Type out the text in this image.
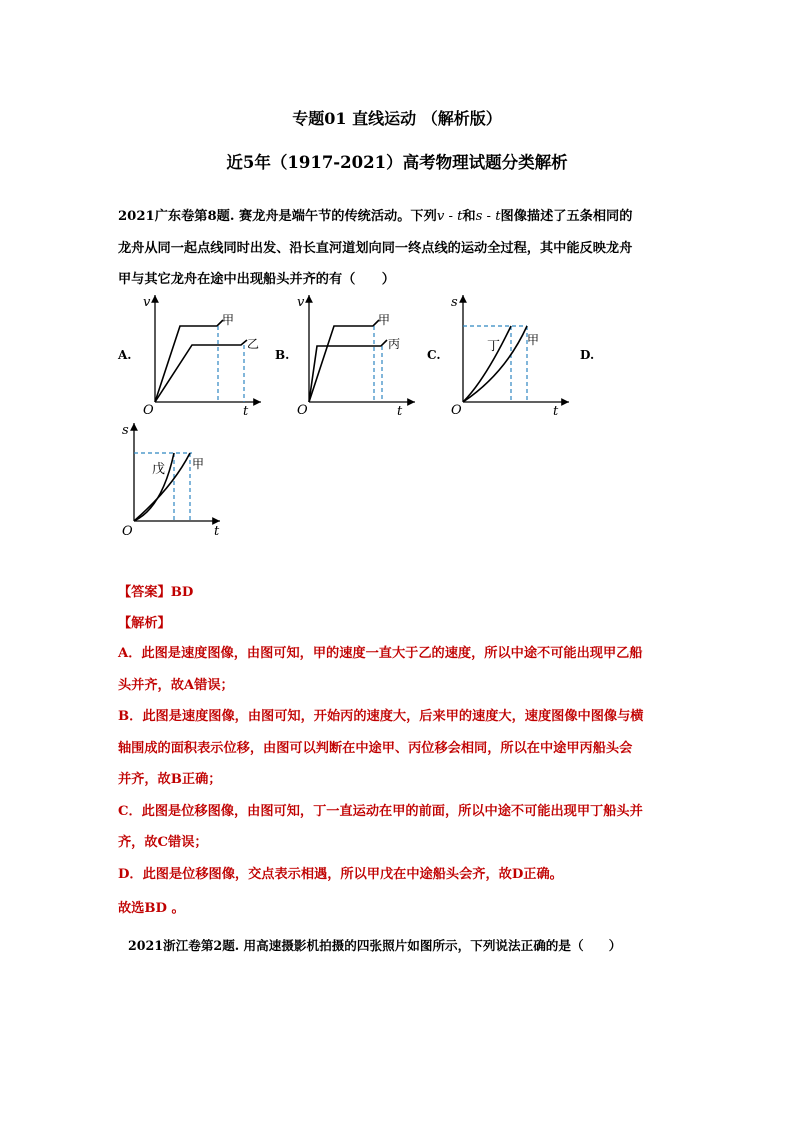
专题01 直线运动 （解析版）
近5年（1917-2021）高考物理试题分类解析
2021广东卷第8题. 赛龙舟是端午节的传统活动。下列v - t和s - t图像描述了五条相同的
龙舟从同一起点线同时出发、沿长直河道划向同一终点线的运动全过程，其中能反映龙舟
甲与其它龙舟在途中出现船头并齐的有（　　）
A.	B.	C.	D.
v
O	t
甲
乙
v
O	t
甲
丙
s
O	t
丁 甲
s
O	t
戊 甲
【答案】BD
【解析】
A．此图是速度图像，由图可知，甲的速度一直大于乙的速度，所以中途不可能出现甲乙船
头并齐，故A错误；
B．此图是速度图像，由图可知，开始丙的速度大，后来甲的速度大，速度图像中图像与横
轴围成的面积表示位移，由图可以判断在中途甲、丙位移会相同，所以在中途甲丙船头会
并齐，故B正确；
C．此图是位移图像，由图可知，丁一直运动在甲的前面，所以中途不可能出现甲丁船头并
齐，故C错误；
D．此图是位移图像，交点表示相遇，所以甲戊在中途船头会齐，故D正确。
故选BD 。
2021浙江卷第2题. 用高速摄影机拍摄的四张照片如图所示，下列说法正确的是（　　）
